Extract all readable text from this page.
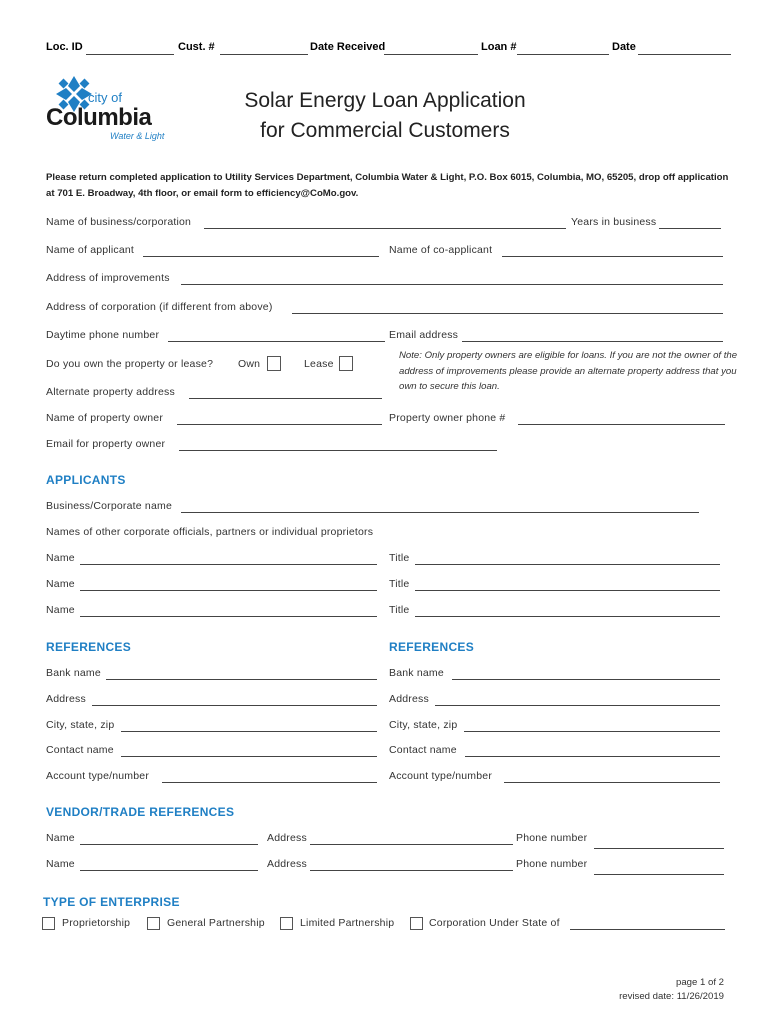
Loc. ID	Cust. #	Date Received	Loan #	Date
city of
Columbia
Water & Light
Solar Energy Loan Application
for Commercial Customers
Please return completed application to Utility Services Department, Columbia Water & Light, P.O. Box 6015, Columbia, MO, 65205, drop off application at 701 E. Broadway, 4th floor, or email form to efficiency@CoMo.gov.
Name of business/corporation	Years in business
Name of applicant	Name of co-applicant
Address of improvements
Address of corporation (if different from above)
Daytime phone number	Email address
Do you own the property or lease? Own	Lease
Note: Only property owners are eligible for loans. If you are not the owner of the address of improvements please provide an alternate property address that you own to secure this loan.
Alternate property address
Name of property owner	Property owner phone #
Email for property owner
APPLICANTS
Business/Corporate name
Names of other corporate officials, partners or individual proprietors
Name	Title
Name	Title
Name	Title
REFERENCES	REFERENCES
Bank name	Bank name
Address	Address
City, state, zip	City, state, zip
Contact name	Contact name
Account type/number	Account type/number
VENDOR/TRADE REFERENCES
Name	Address	Phone number
Name	Address	Phone number
TYPE OF ENTERPRISE
Proprietorship	General Partnership	Limited Partnership	Corporation Under State of
page 1 of 2
revised date: 11/26/2019
